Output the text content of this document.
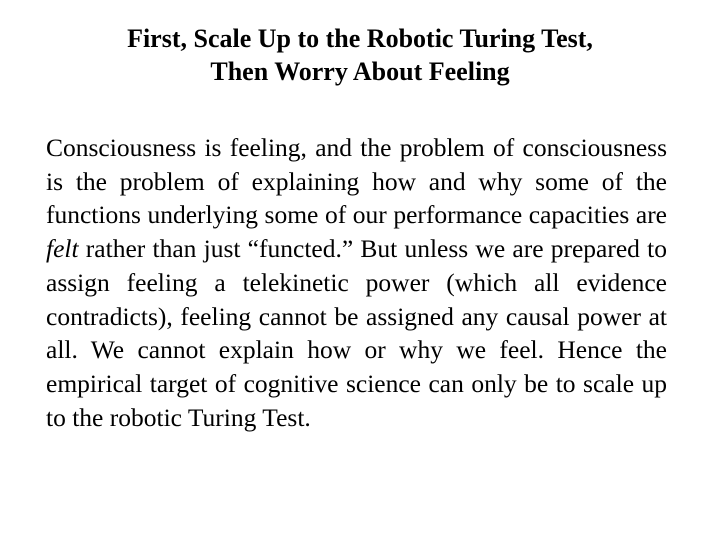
First, Scale Up to the Robotic Turing Test,
Then Worry About Feeling

Consciousness is feeling, and the problem of consciousness is the problem of explaining how and why some of the functions underlying some of our performance capacities are felt rather than just “functed.” But unless we are prepared to assign feeling a telekinetic power (which all evidence contradicts), feeling cannot be assigned any causal power at all. We cannot explain how or why we feel. Hence the empirical target of cognitive science can only be to scale up to the robotic Turing Test.
